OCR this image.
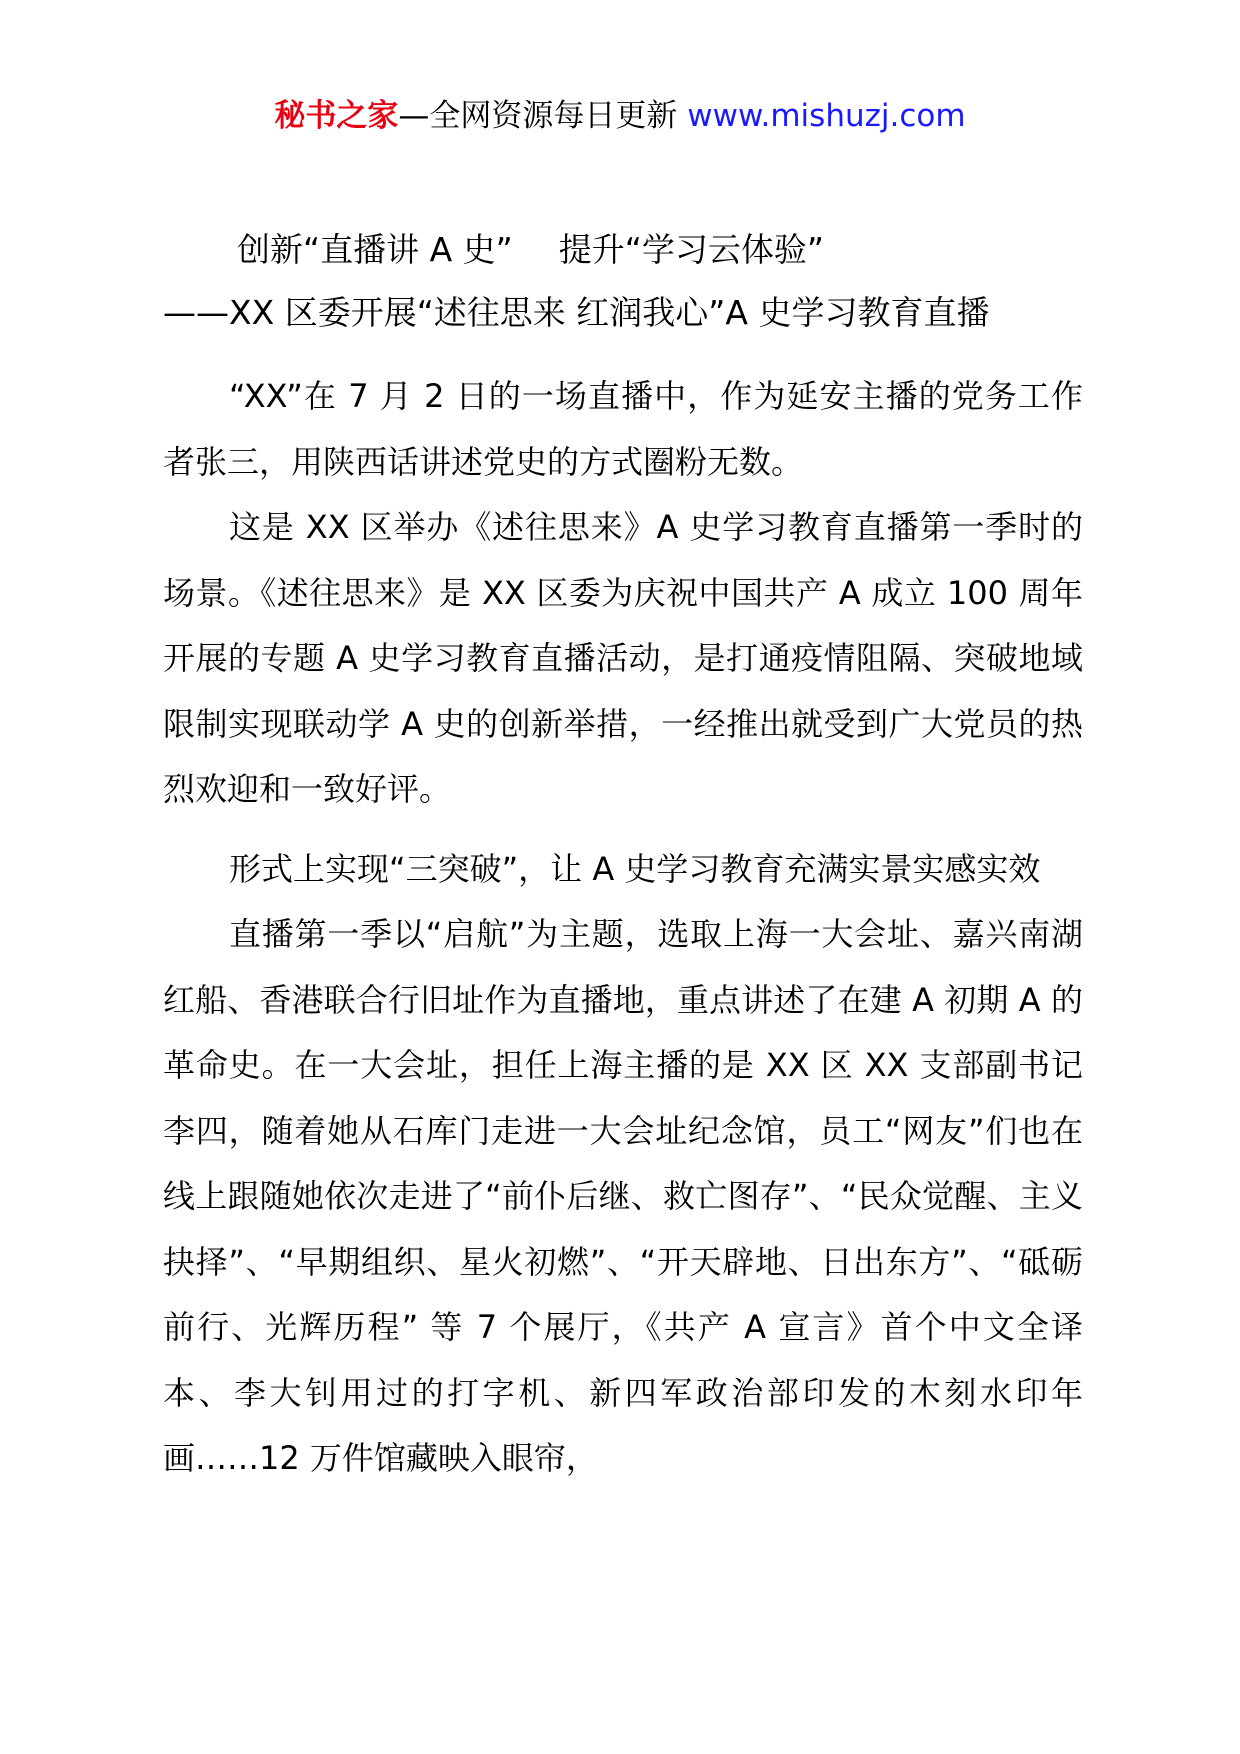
秘书之家—全网资源每日更新 www.mishuzj.com
创新“直播讲 A 史” 提升“学习云体验”

——XX 区委开展“述往思来 红润我心”A 史学习教育直播

“XX”在 7 月 2 日的一场直播中，作为延安主播的党务工作者张三，用陕西话讲述党史的方式圈粉无数。

这是 XX 区举办《述往思来》A 史学习教育直播第一季时的场景。《述往思来》是 XX 区委为庆祝中国共产 A 成立 100 周年开展的专题 A 史学习教育直播活动，是打通疫情阻隔、突破地域限制实现联动学 A 史的创新举措，一经推出就受到广大党员的热烈欢迎和一致好评。

形式上实现“三突破”，让 A 史学习教育充满实景实感实效

直播第一季以“启航”为主题，选取上海一大会址、嘉兴南湖红船、香港联合行旧址作为直播地，重点讲述了在建 A 初期 A 的革命史。在一大会址，担任上海主播的是 XX 区 XX 支部副书记李四，随着她从石库门走进一大会址纪念馆，员工“网友”们也在线上跟随她依次走进了“前仆后继、救亡图存”、“民众觉醒、主义抉择”、“早期组织、星火初燃”、“开天辟地、日出东方”、“砥砺前行、光辉历程” 等 7 个展厅，《共产 A 宣言》首个中文全译本、李大钊用过的打字机、新四军政治部印发的木刻水印年画……12 万件馆藏映入眼帘，
